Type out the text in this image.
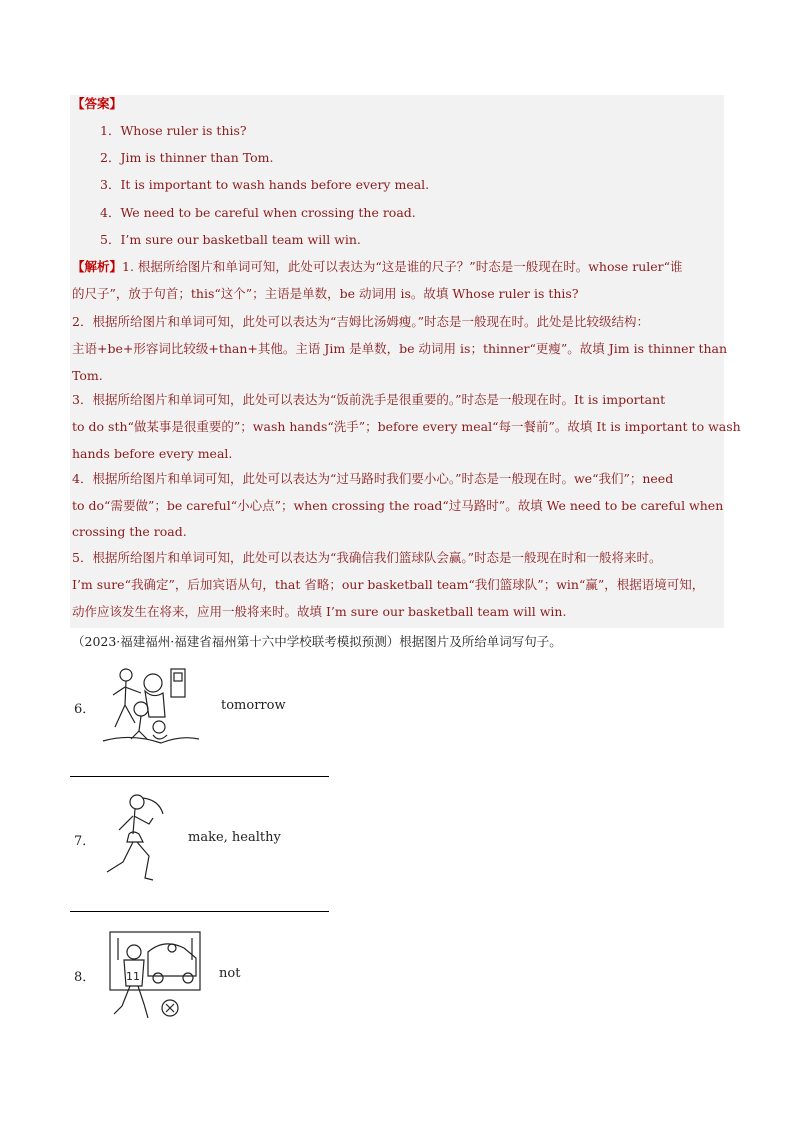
【答案】
1．Whose ruler is this?
2．Jim is thinner than Tom.
3．It is important to wash hands before every meal.
4．We need to be careful when crossing the road.
5．I’m sure our basketball team will win.
【解析】1. 根据所给图片和单词可知，此处可以表达为“这是谁的尺子？”时态是一般现在时。whose ruler“谁
的尺子”，放于句首；this“这个”；主语是单数，be 动词用 is。故填 Whose ruler is this?
2．根据所给图片和单词可知，此处可以表达为“吉姆比汤姆瘦。”时态是一般现在时。此处是比较级结构：
主语+be+形容词比较级+than+其他。主语 Jim 是单数，be 动词用 is；thinner“更瘦”。故填 Jim is thinner than
Tom.
3．根据所给图片和单词可知，此处可以表达为“饭前洗手是很重要的。”时态是一般现在时。It is important
to do sth“做某事是很重要的”；wash hands“洗手”；before every meal“每一餐前”。故填 It is important to wash
hands before every meal.
4．根据所给图片和单词可知，此处可以表达为“过马路时我们要小心。”时态是一般现在时。we“我们”；need
to do“需要做”；be careful“小心点”；when crossing the road“过马路时”。故填 We need to be careful when
crossing the road.
5．根据所给图片和单词可知，此处可以表达为“我确信我们篮球队会赢。”时态是一般现在时和一般将来时。
I’m sure“我确定”，后加宾语从句，that 省略；our basketball team“我们篮球队”；win“赢”，根据语境可知，
动作应该发生在将来，应用一般将来时。故填 I’m sure our basketball team will win.
（2023·福建福州·福建省福州第十六中学校联考模拟预测）根据图片及所给单词写句子。
6．	tomorrow
7．	make, healthy
8．	11	not
